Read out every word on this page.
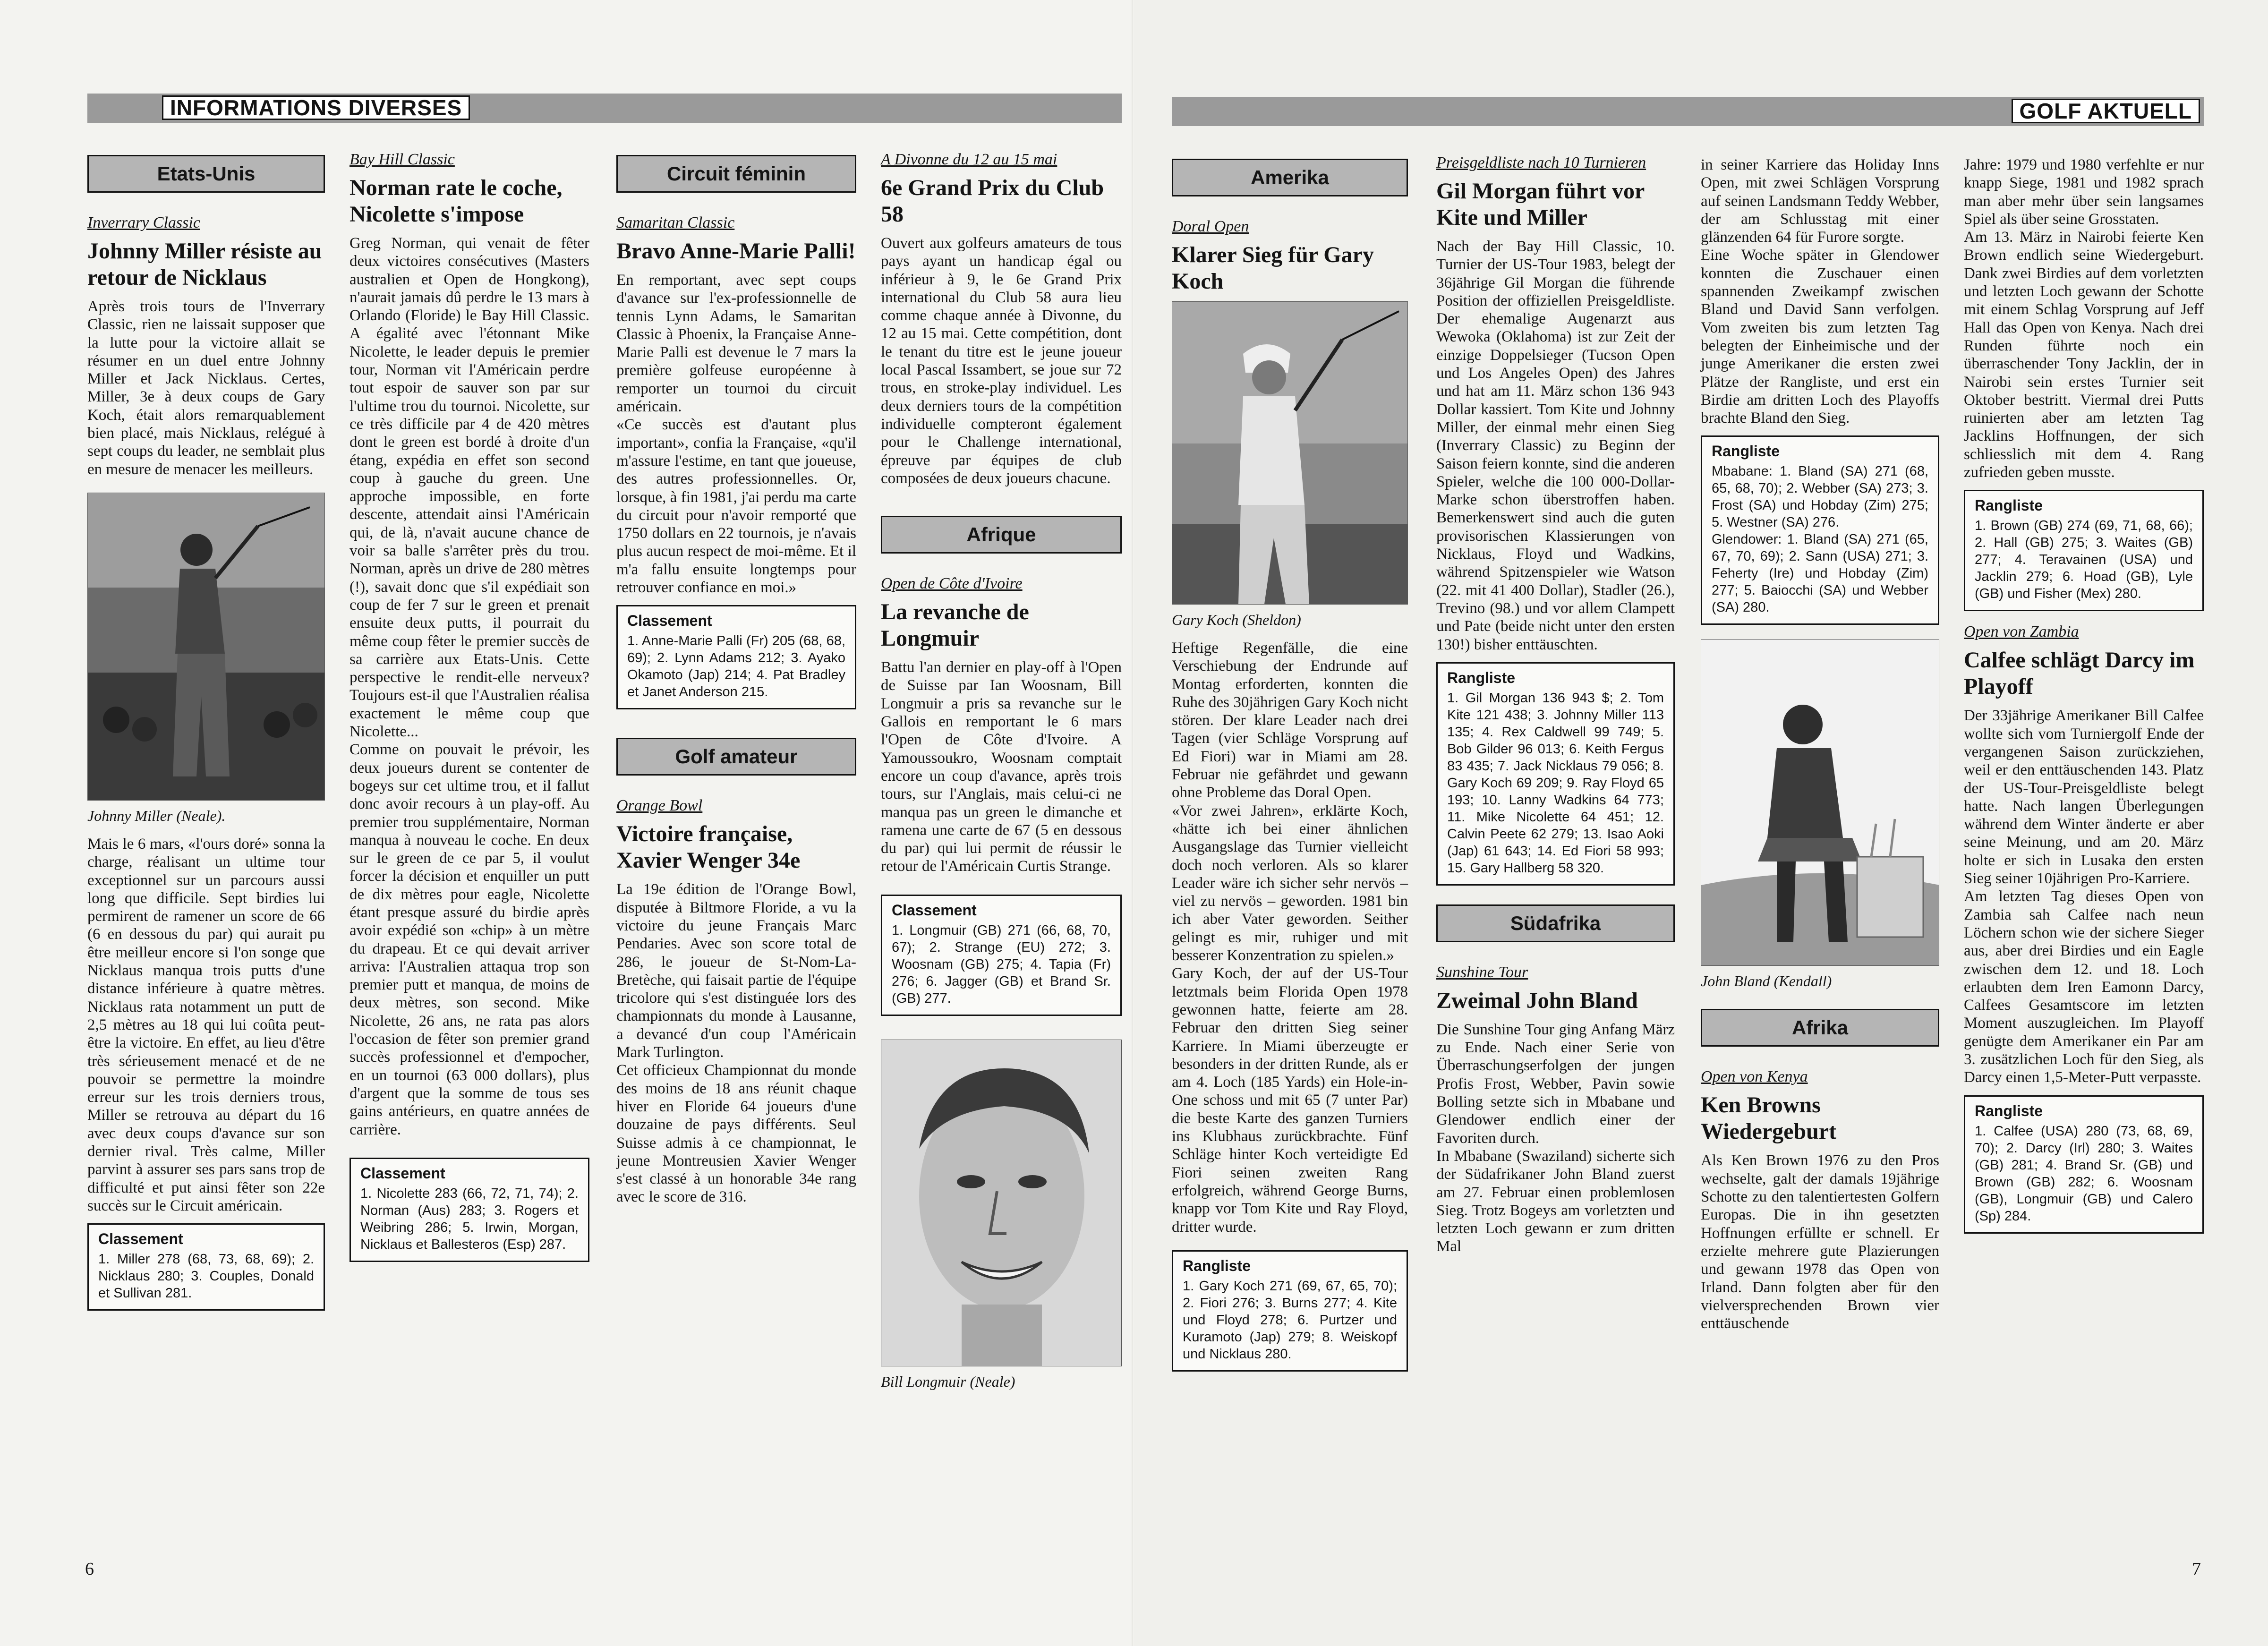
INFORMATIONS DIVERSES
Etats-Unis
Inverrary Classic
Johnny Miller résiste au retour de Nicklaus

Après trois tours de l'Inverrary Classic, rien ne laissait supposer que la lutte pour la victoire allait se résumer en un duel entre Johnny Miller et Jack Nicklaus. Certes, Miller, 3e à deux coups de Gary Koch, était alors remarquablement bien placé, mais Nicklaus, relégué à sept coups du leader, ne semblait plus en mesure de menacer les meilleurs.

Johnny Miller (Neale).

Mais le 6 mars, «l'ours doré» sonna la charge, réalisant un ultime tour exceptionnel sur un parcours aussi long que difficile. Sept birdies lui permirent de ramener un score de 66 (6 en dessous du par) qui aurait pu être meilleur encore si l'on songe que Nicklaus manqua trois putts d'une distance inférieure à quatre mètres. Nicklaus rata notamment un putt de 2,5 mètres au 18 qui lui coûta peut-être la victoire. En effet, au lieu d'être très sérieusement menacé et de ne pouvoir se permettre la moindre erreur sur les trois derniers trous, Miller se retrouva au départ du 16 avec deux coups d'avance sur son dernier rival. Très calme, Miller parvint à assurer ses pars sans trop de difficulté et put ainsi fêter son 22e succès sur le Circuit américain.

Classement
1. Miller 278 (68, 73, 68, 69); 2. Nicklaus 280; 3. Couples, Donald et Sullivan 281.
Bay Hill Classic
Norman rate le coche, Nicolette s'impose

Greg Norman, qui venait de fêter deux victoires consécutives (Masters australien et Open de Hongkong), n'aurait jamais dû perdre le 13 mars à Orlando (Floride) le Bay Hill Classic. A égalité avec l'étonnant Mike Nicolette, le leader depuis le premier tour, Norman vit l'Américain perdre tout espoir de sauver son par sur l'ultime trou du tournoi. Nicolette, sur ce très difficile par 4 de 420 mètres dont le green est bordé à droite d'un étang, expédia en effet son second coup à gauche du green. Une approche impossible, en forte descente, attendait ainsi l'Américain qui, de là, n'avait aucune chance de voir sa balle s'arrêter près du trou. Norman, après un drive de 280 mètres (!), savait donc que s'il expédiait son coup de fer 7 sur le green et prenait ensuite deux putts, il pourrait du même coup fêter le premier succès de sa carrière aux Etats-Unis. Cette perspective le rendit-elle nerveux? Toujours est-il que l'Australien réalisa exactement le même coup que Nicolette...
Comme on pouvait le prévoir, les deux joueurs durent se contenter de bogeys sur cet ultime trou, et il fallut donc avoir recours à un play-off. Au premier trou supplémentaire, Norman manqua à nouveau le coche. En deux sur le green de ce par 5, il voulut forcer la décision et enquiller un putt de dix mètres pour eagle, Nicolette étant presque assuré du birdie après avoir expédié son «chip» à un mètre du drapeau. Et ce qui devait arriver arriva: l'Australien attaqua trop son premier putt et manqua, de moins de deux mètres, son second. Mike Nicolette, 26 ans, ne rata pas alors l'occasion de fêter son premier grand succès professionnel et d'empocher, en un tournoi (63 000 dollars), plus d'argent que la somme de tous ses gains antérieurs, en quatre années de carrière.

Classement
1. Nicolette 283 (66, 72, 71, 74); 2. Norman (Aus) 283; 3. Rogers et Weibring 286; 5. Irwin, Morgan, Nicklaus et Ballesteros (Esp) 287.
Circuit féminin
Samaritan Classic
Bravo Anne-Marie Palli!

En remportant, avec sept coups d'avance sur l'ex-professionnelle de tennis Lynn Adams, le Samaritan Classic à Phoenix, la Française Anne-Marie Palli est devenue le 7 mars la première golfeuse européenne à remporter un tournoi du circuit américain.
«Ce succès est d'autant plus important», confia la Française, «qu'il m'assure l'estime, en tant que joueuse, des autres professionnelles. Or, lorsque, à fin 1981, j'ai perdu ma carte du circuit pour n'avoir remporté que 1750 dollars en 22 tournois, je n'avais plus aucun respect de moi-même. Et il m'a fallu ensuite longtemps pour retrouver confiance en moi.»

Classement
1. Anne-Marie Palli (Fr) 205 (68, 68, 69); 2. Lynn Adams 212; 3. Ayako Okamoto (Jap) 214; 4. Pat Bradley et Janet Anderson 215.
Golf amateur
Orange Bowl
Victoire française, Xavier Wenger 34e

La 19e édition de l'Orange Bowl, disputée à Biltmore Floride, a vu la victoire du jeune Français Marc Pendaries. Avec son score total de 286, le joueur de St-Nom-La-Bretèche, qui faisait partie de l'équipe tricolore qui s'est distinguée lors des championnats du monde à Lausanne, a devancé d'un coup l'Américain Mark Turlington.
Cet officieux Championnat du monde des moins de 18 ans réunit chaque hiver en Floride 64 joueurs d'une douzaine de pays différents. Seul Suisse admis à ce championnat, le jeune Montreusien Xavier Wenger s'est classé à un honorable 34e rang avec le score de 316.

A Divonne du 12 au 15 mai
6e Grand Prix du Club 58

Ouvert aux golfeurs amateurs de tous pays ayant un handicap égal ou inférieur à 9, le 6e Grand Prix international du Club 58 aura lieu comme chaque année à Divonne, du 12 au 15 mai. Cette compétition, dont le tenant du titre est le jeune joueur local Pascal Issambert, se joue sur 72 trous, en stroke-play individuel. Les deux derniers tours de la compétition individuelle compteront également pour le Challenge international, épreuve par équipes de club composées de deux joueurs chacune.

Afrique
Open de Côte d'Ivoire
La revanche de Longmuir

Battu l'an dernier en play-off à l'Open de Suisse par Ian Woosnam, Bill Longmuir a pris sa revanche sur le Gallois en remportant le 6 mars l'Open de Côte d'Ivoire. A Yamoussoukro, Woosnam comptait encore un coup d'avance, après trois tours, sur l'Anglais, mais celui-ci ne manqua pas un green le dimanche et ramena une carte de 67 (5 en dessous du par) qui lui permit de réussir le retour de l'Américain Curtis Strange.

Classement
1. Longmuir (GB) 271 (66, 68, 70, 67); 2. Strange (EU) 272; 3. Woosnam (GB) 275; 4. Tapia (Fr) 276; 6. Jagger (GB) et Brand Sr. (GB) 277.
Bill Longmuir (Neale)
6
GOLF AKTUELL
Amerika
Doral Open
Klarer Sieg für Gary Koch
Gary Koch (Sheldon)

Heftige Regenfälle, die eine Verschiebung der Endrunde auf Montag erforderten, konnten die Ruhe des 30jährigen Gary Koch nicht stören. Der klare Leader nach drei Tagen (vier Schläge Vorsprung auf Ed Fiori) war in Miami am 28. Februar nie gefährdet und gewann ohne Probleme das Doral Open.
«Vor zwei Jahren», erklärte Koch, «hätte ich bei einer ähnlichen Ausgangslage das Turnier vielleicht doch noch verloren. Als so klarer Leader wäre ich sicher sehr nervös – viel zu nervös – geworden. 1981 bin ich aber Vater geworden. Seither gelingt es mir, ruhiger und mit besserer Konzentration zu spielen.»
Gary Koch, der auf der US-Tour letztmals beim Florida Open 1978 gewonnen hatte, feierte am 28. Februar den dritten Sieg seiner Karriere. In Miami überzeugte er besonders in der dritten Runde, als er am 4. Loch (185 Yards) ein Hole-in-One schoss und mit 65 (7 unter Par) die beste Karte des ganzen Turniers ins Klubhaus zurückbrachte. Fünf Schläge hinter Koch verteidigte Ed Fiori seinen zweiten Rang erfolgreich, während George Burns, knapp vor Tom Kite und Ray Floyd, dritter wurde.

Rangliste
1. Gary Koch 271 (69, 67, 65, 70); 2. Fiori 276; 3. Burns 277; 4. Kite und Floyd 278; 6. Purtzer und Kuramoto (Jap) 279; 8. Weiskopf und Nicklaus 280.
Preisgeldliste nach 10 Turnieren
Gil Morgan führt vor Kite und Miller

Nach der Bay Hill Classic, 10. Turnier der US-Tour 1983, belegt der 36jährige Gil Morgan die führende Position der offiziellen Preisgeldliste. Der ehemalige Augenarzt aus Wewoka (Oklahoma) ist zur Zeit der einzige Doppelsieger (Tucson Open und Los Angeles Open) des Jahres und hat am 11. März schon 136 943 Dollar kassiert. Tom Kite und Johnny Miller, der einmal mehr einen Sieg (Inverrary Classic) zu Beginn der Saison feiern konnte, sind die anderen Spieler, welche die 100 000-Dollar-Marke schon überstroffen haben. Bemerkenswert sind auch die guten provisorischen Klassierungen von Nicklaus, Floyd und Wadkins, während Spitzenspieler wie Watson (22. mit 41 400 Dollar), Stadler (26.), Trevino (98.) und vor allem Clampett und Pate (beide nicht unter den ersten 130!) bisher enttäuschten.

Rangliste
1. Gil Morgan 136 943 $; 2. Tom Kite 121 438; 3. Johnny Miller 113 135; 4. Rex Caldwell 99 749; 5. Bob Gilder 96 013; 6. Keith Fergus 83 435; 7. Jack Nicklaus 79 056; 8. Gary Koch 69 209; 9. Ray Floyd 65 193; 10. Lanny Wadkins 64 773; 11. Mike Nicolette 64 451; 12. Calvin Peete 62 279; 13. Isao Aoki (Jap) 61 643; 14. Ed Fiori 58 993; 15. Gary Hallberg 58 320.
Südafrika
Sunshine Tour
Zweimal John Bland

Die Sunshine Tour ging Anfang März zu Ende. Nach einer Serie von Überraschungserfolgen der jungen Profis Frost, Webber, Pavin sowie Bolling setzte sich in Mbabane und Glendower endlich einer der Favoriten durch.
In Mbabane (Swaziland) sicherte sich der Südafrikaner John Bland zuerst am 27. Februar einen problemlosen Sieg. Trotz Bogeys am vorletzten und letzten Loch gewann er zum dritten Mal

in seiner Karriere das Holiday Inns Open, mit zwei Schlägen Vorsprung auf seinen Landsmann Teddy Webber, der am Schlusstag mit einer glänzenden 64 für Furore sorgte.
Eine Woche später in Glendower konnten die Zuschauer einen spannenden Zweikampf zwischen Bland und David Sann verfolgen. Vom zweiten bis zum letzten Tag belegten der Einheimische und der junge Amerikaner die ersten zwei Plätze der Rangliste, und erst ein Birdie am dritten Loch des Playoffs brachte Bland den Sieg.

Rangliste
Mbabane: 1. Bland (SA) 271 (68, 65, 68, 70); 2. Webber (SA) 273; 3. Frost (SA) und Hobday (Zim) 275; 5. Westner (SA) 276.
Glendower: 1. Bland (SA) 271 (65, 67, 70, 69); 2. Sann (USA) 271; 3. Feherty (Ire) und Hobday (Zim) 277; 5. Baiocchi (SA) und Webber (SA) 280.
John Bland (Kendall)
Afrika
Open von Kenya
Ken Browns Wiedergeburt

Als Ken Brown 1976 zu den Pros wechselte, galt der damals 19jährige Schotte zu den talentiertesten Golfern Europas. Die in ihn gesetzten Hoffnungen erfüllte er schnell. Er erzielte mehrere gute Plazierungen und gewann 1978 das Open von Irland. Dann folgten aber für den vielversprechenden Brown vier enttäuschende

Jahre: 1979 und 1980 verfehlte er nur knapp Siege, 1981 und 1982 sprach man aber mehr über sein langsames Spiel als über seine Grosstaten.
Am 13. März in Nairobi feierte Ken Brown endlich seine Wiedergeburt. Dank zwei Birdies auf dem vorletzten und letzten Loch gewann der Schotte mit einem Schlag Vorsprung auf Jeff Hall das Open von Kenya. Nach drei Runden führte noch ein überraschender Tony Jacklin, der in Nairobi sein erstes Turnier seit Oktober bestritt. Viermal drei Putts ruinierten aber am letzten Tag Jacklins Hoffnungen, der sich schliesslich mit dem 4. Rang zufrieden geben musste.

Rangliste
1. Brown (GB) 274 (69, 71, 68, 66); 2. Hall (GB) 275; 3. Waites (GB) 277; 4. Teravainen (USA) und Jacklin 279; 6. Hoad (GB), Lyle (GB) und Fisher (Mex) 280.
Open von Zambia
Calfee schlägt Darcy im Playoff

Der 33jährige Amerikaner Bill Calfee wollte sich vom Turniergolf Ende der vergangenen Saison zurückziehen, weil er den enttäuschenden 143. Platz der US-Tour-Preisgeldliste belegt hatte. Nach langen Überlegungen während dem Winter änderte er aber seine Meinung, und am 20. März holte er sich in Lusaka den ersten Sieg seiner 10jährigen Pro-Karriere.
Am letzten Tag dieses Open von Zambia sah Calfee nach neun Löchern schon wie der sichere Sieger aus, aber drei Birdies und ein Eagle zwischen dem 12. und 18. Loch erlaubten dem Iren Eamonn Darcy, Calfees Gesamtscore im letzten Moment auszugleichen. Im Playoff genügte dem Amerikaner ein Par am 3. zusätzlichen Loch für den Sieg, als Darcy einen 1,5-Meter-Putt verpasste.

Rangliste
1. Calfee (USA) 280 (73, 68, 69, 70); 2. Darcy (Irl) 280; 3. Waites (GB) 281; 4. Brand Sr. (GB) und Brown (GB) 282; 6. Woosnam (GB), Longmuir (GB) und Calero (Sp) 284.
7
